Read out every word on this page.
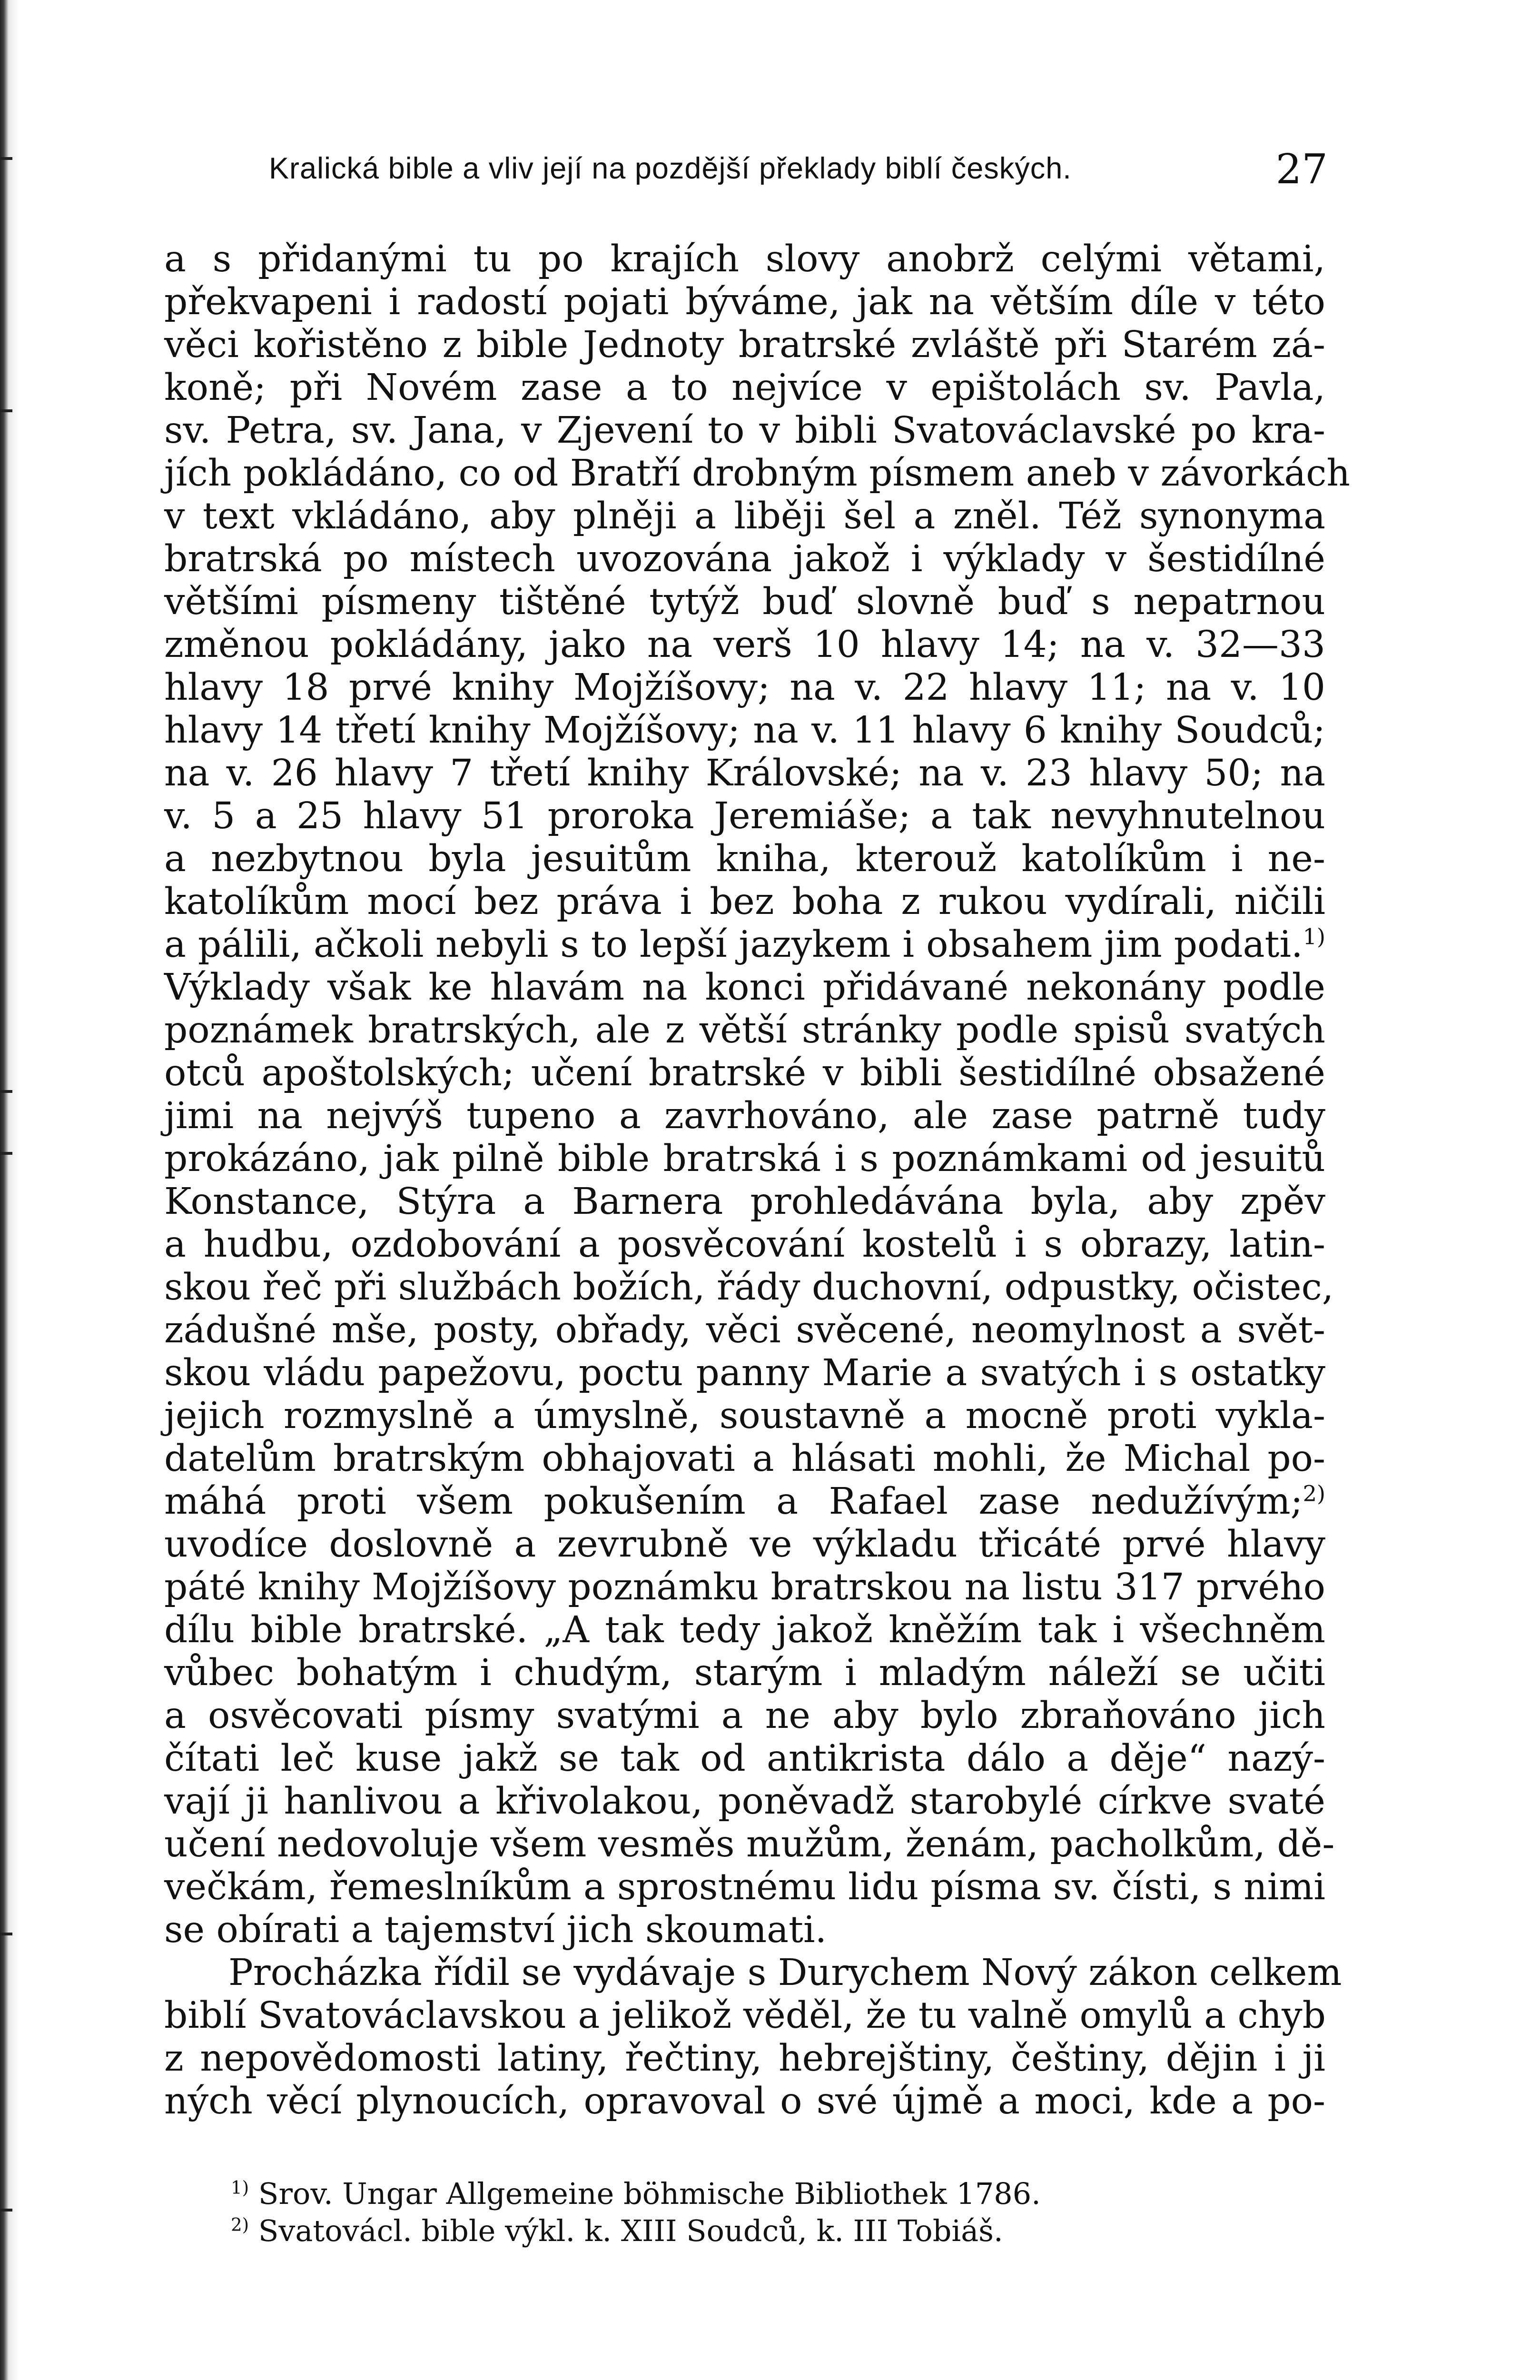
Kralická bible a vliv její na pozdější překlady biblí českých.	27
a s přidanými tu po krajích slovy anobrž celými větami,
překvapeni i radostí pojati býváme, jak na větším díle v této
věci kořistěno z bible Jednoty bratrské zvláště při Starém zá-
koně; při Novém zase a to nejvíce v epištolách sv. Pavla,
sv. Petra, sv. Jana, v Zjevení to v bibli Svatováclavské po kra-
jích pokládáno, co od Bratří drobným písmem aneb v závorkách
v text vkládáno, aby plněji a liběji šel a zněl. Též synonyma
bratrská po místech uvozována jakož i výklady v šestidílné
většími písmeny tištěné tytýž buď slovně buď s nepatrnou
změnou pokládány, jako na verš 10 hlavy 14; na v. 32—33
hlavy 18 prvé knihy Mojžíšovy; na v. 22 hlavy 11; na v. 10
hlavy 14 třetí knihy Mojžíšovy; na v. 11 hlavy 6 knihy Soudců;
na v. 26 hlavy 7 třetí knihy Královské; na v. 23 hlavy 50; na
v. 5 a 25 hlavy 51 proroka Jeremiáše; a tak nevyhnutelnou
a nezbytnou byla jesuitům kniha, kterouž katolíkům i ne-
katolíkům mocí bez práva i bez boha z rukou vydírali, ničili
a pálili, ačkoli nebyli s to lepší jazykem i obsahem jim podati.$^{1)}$
Výklady však ke hlavám na konci přidávané nekonány podle
poznámek bratrských, ale z větší stránky podle spisů svatých
otců apoštolských; učení bratrské v bibli šestidílné obsažené
jimi na nejvýš tupeno a zavrhováno, ale zase patrně tudy
prokázáno, jak pilně bible bratrská i s poznámkami od jesuitů
Konstance, Stýra a Barnera prohledávána byla, aby zpěv
a hudbu, ozdobování a posvěcování kostelů i s obrazy, latin-
skou řeč při službách božích, řády duchovní, odpustky, očistec,
zádušné mše, posty, obřady, věci svěcené, neomylnost a svět-
skou vládu papežovu, poctu panny Marie a svatých i s ostatky
jejich rozmyslně a úmyslně, soustavně a mocně proti vykla-
datelům bratrským obhajovati a hlásati mohli, že Michal po-
máhá proti všem pokušením a Rafael zase nedužívým;$^{2)}$
uvodíce doslovně a zevrubně ve výkladu třicáté prvé hlavy
páté knihy Mojžíšovy poznámku bratrskou na listu 317 prvého
dílu bible bratrské. „A tak tedy jakož kněžím tak i všechněm
vůbec bohatým i chudým, starým i mladým náleží se učiti
a osvěcovati písmy svatými a ne aby bylo zbraňováno jich
čítati leč kuse jakž se tak od antikrista dálo a děje“ nazý-
vají ji hanlivou a křivolakou, poněvadž starobylé církve svaté
učení nedovoluje všem vesměs mužům, ženám, pacholkům, dě-
večkám, řemeslníkům a sprostnému lidu písma sv. čísti, s nimi
se obírati a tajemství jich skoumati.
Procházka řídil se vydávaje s Durychem Nový zákon celkem
biblí Svatováclavskou a jelikož věděl, že tu valně omylů a chyb
z nepovědomosti latiny, řečtiny, hebrejštiny, češtiny, dějin i ji
ných věcí plynoucích, opravoval o své újmě a moci, kde a po-
$^{1)}$ Srov. Ungar Allgemeine böhmische Bibliothek 1786.
$^{2)}$ Svatovácl. bible výkl. k. XIII Soudců, k. III Tobiáš.
